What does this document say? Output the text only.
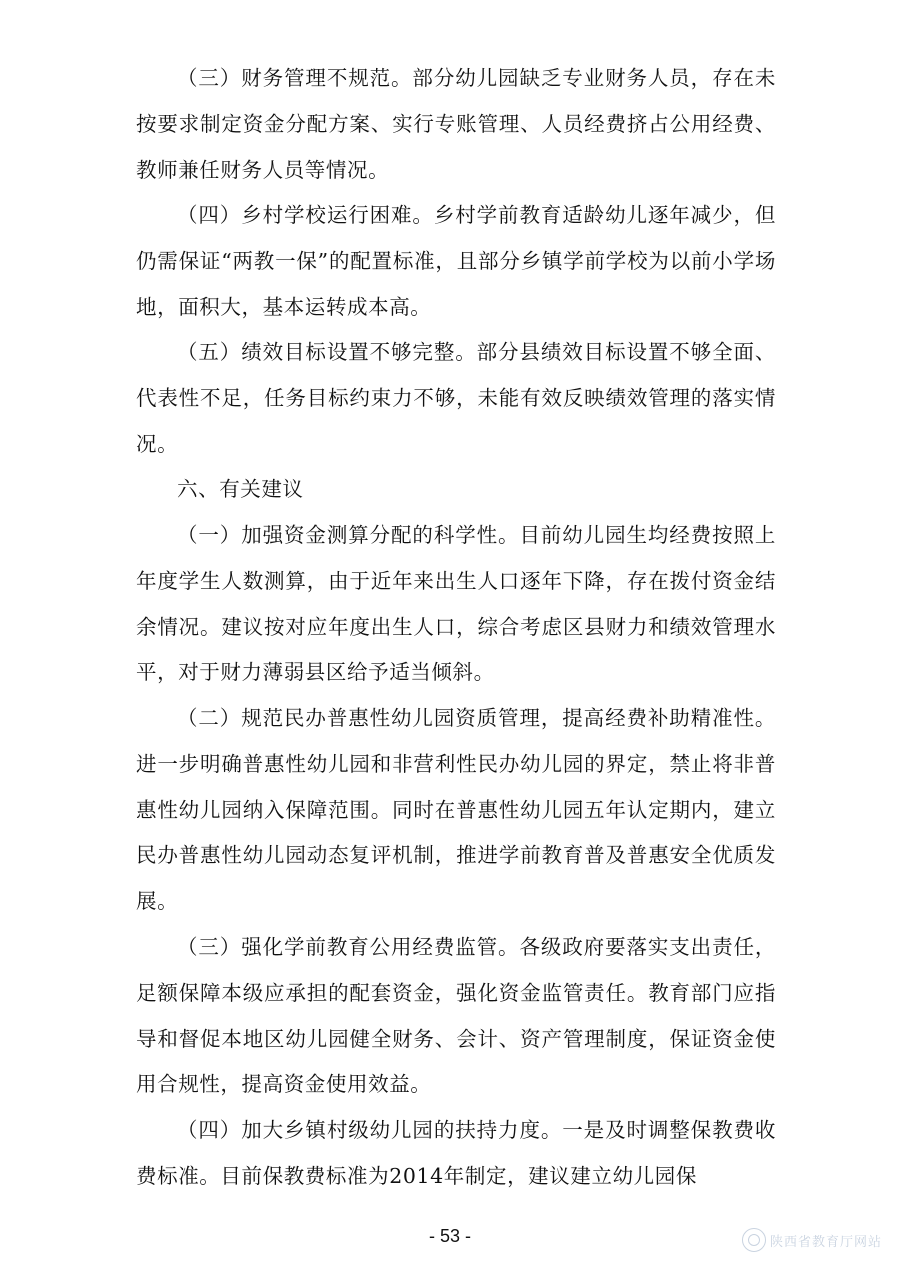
（三）财务管理不规范。部分幼儿园缺乏专业财务人员，存在未按要求制定资金分配方案、实行专账管理、人员经费挤占公用经费、教师兼任财务人员等情况。

（四）乡村学校运行困难。乡村学前教育适龄幼儿逐年减少，但仍需保证“两教一保”的配置标准，且部分乡镇学前学校为以前小学场地，面积大，基本运转成本高。

（五）绩效目标设置不够完整。部分县绩效目标设置不够全面、代表性不足，任务目标约束力不够，未能有效反映绩效管理的落实情况。

六、有关建议

（一）加强资金测算分配的科学性。目前幼儿园生均经费按照上年度学生人数测算，由于近年来出生人口逐年下降，存在拨付资金结余情况。建议按对应年度出生人口，综合考虑区县财力和绩效管理水平，对于财力薄弱县区给予适当倾斜。

（二）规范民办普惠性幼儿园资质管理，提高经费补助精准性。进一步明确普惠性幼儿园和非营利性民办幼儿园的界定，禁止将非普惠性幼儿园纳入保障范围。同时在普惠性幼儿园五年认定期内，建立民办普惠性幼儿园动态复评机制，推进学前教育普及普惠安全优质发展。

（三）强化学前教育公用经费监管。各级政府要落实支出责任，足额保障本级应承担的配套资金，强化资金监管责任。教育部门应指导和督促本地区幼儿园健全财务、会计、资产管理制度，保证资金使用合规性，提高资金使用效益。

（四）加大乡镇村级幼儿园的扶持力度。一是及时调整保教费收费标准。目前保教费标准为2014年制定，建议建立幼儿园保

- 53 -	陕西省教育厅网站
